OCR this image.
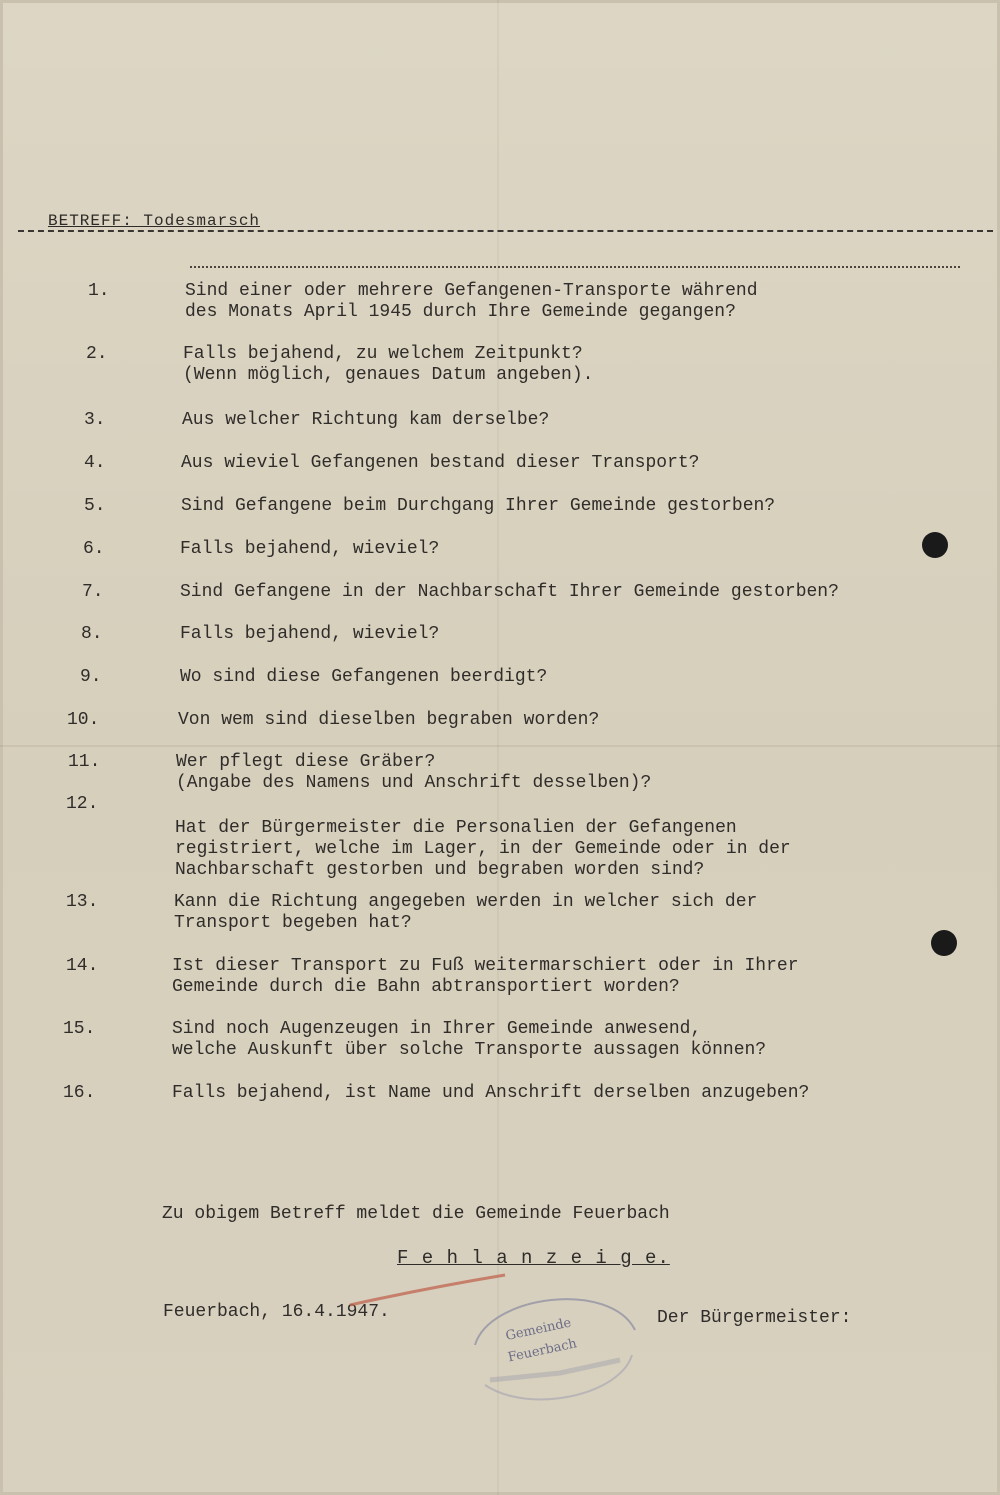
BETREFF: Todesmarsch
1.	Sind einer oder mehrere Gefangenen-Transporte während
des Monats April 1945 durch Ihre Gemeinde gegangen?
2.	Falls bejahend, zu welchem Zeitpunkt?
(Wenn möglich, genaues Datum angeben).
3.	Aus welcher Richtung kam derselbe?
4.	Aus wieviel Gefangenen bestand dieser Transport?
5.	Sind Gefangene beim Durchgang Ihrer Gemeinde gestorben?
6.	Falls bejahend, wieviel?
7.	Sind Gefangene in der Nachbarschaft Ihrer Gemeinde gestorben?
8.	Falls bejahend, wieviel?
9.	Wo sind diese Gefangenen beerdigt?
10.	Von wem sind dieselben begraben worden?
11.	Wer pflegt diese Gräber?
(Angabe des Namens und Anschrift desselben)?
12.
Hat der Bürgermeister die Personalien der Gefangenen
registriert, welche im Lager, in der Gemeinde oder in der
Nachbarschaft gestorben und begraben worden sind?
13.	Kann die Richtung angegeben werden in welcher sich der
Transport begeben hat?
14.	Ist dieser Transport zu Fuß weitermarschiert oder in Ihrer
Gemeinde durch die Bahn abtransportiert worden?
15.	Sind noch Augenzeugen in Ihrer Gemeinde anwesend,
welche Auskunft über solche Transporte aussagen können?
16.	Falls bejahend, ist Name und Anschrift derselben anzugeben?
Zu obigem Betreff meldet die Gemeinde Feuerbach
F e h l a n z e i g e.
Feuerbach, 16.4.1947.	Der Bürgermeister:
Gemeinde
Feuerbach
